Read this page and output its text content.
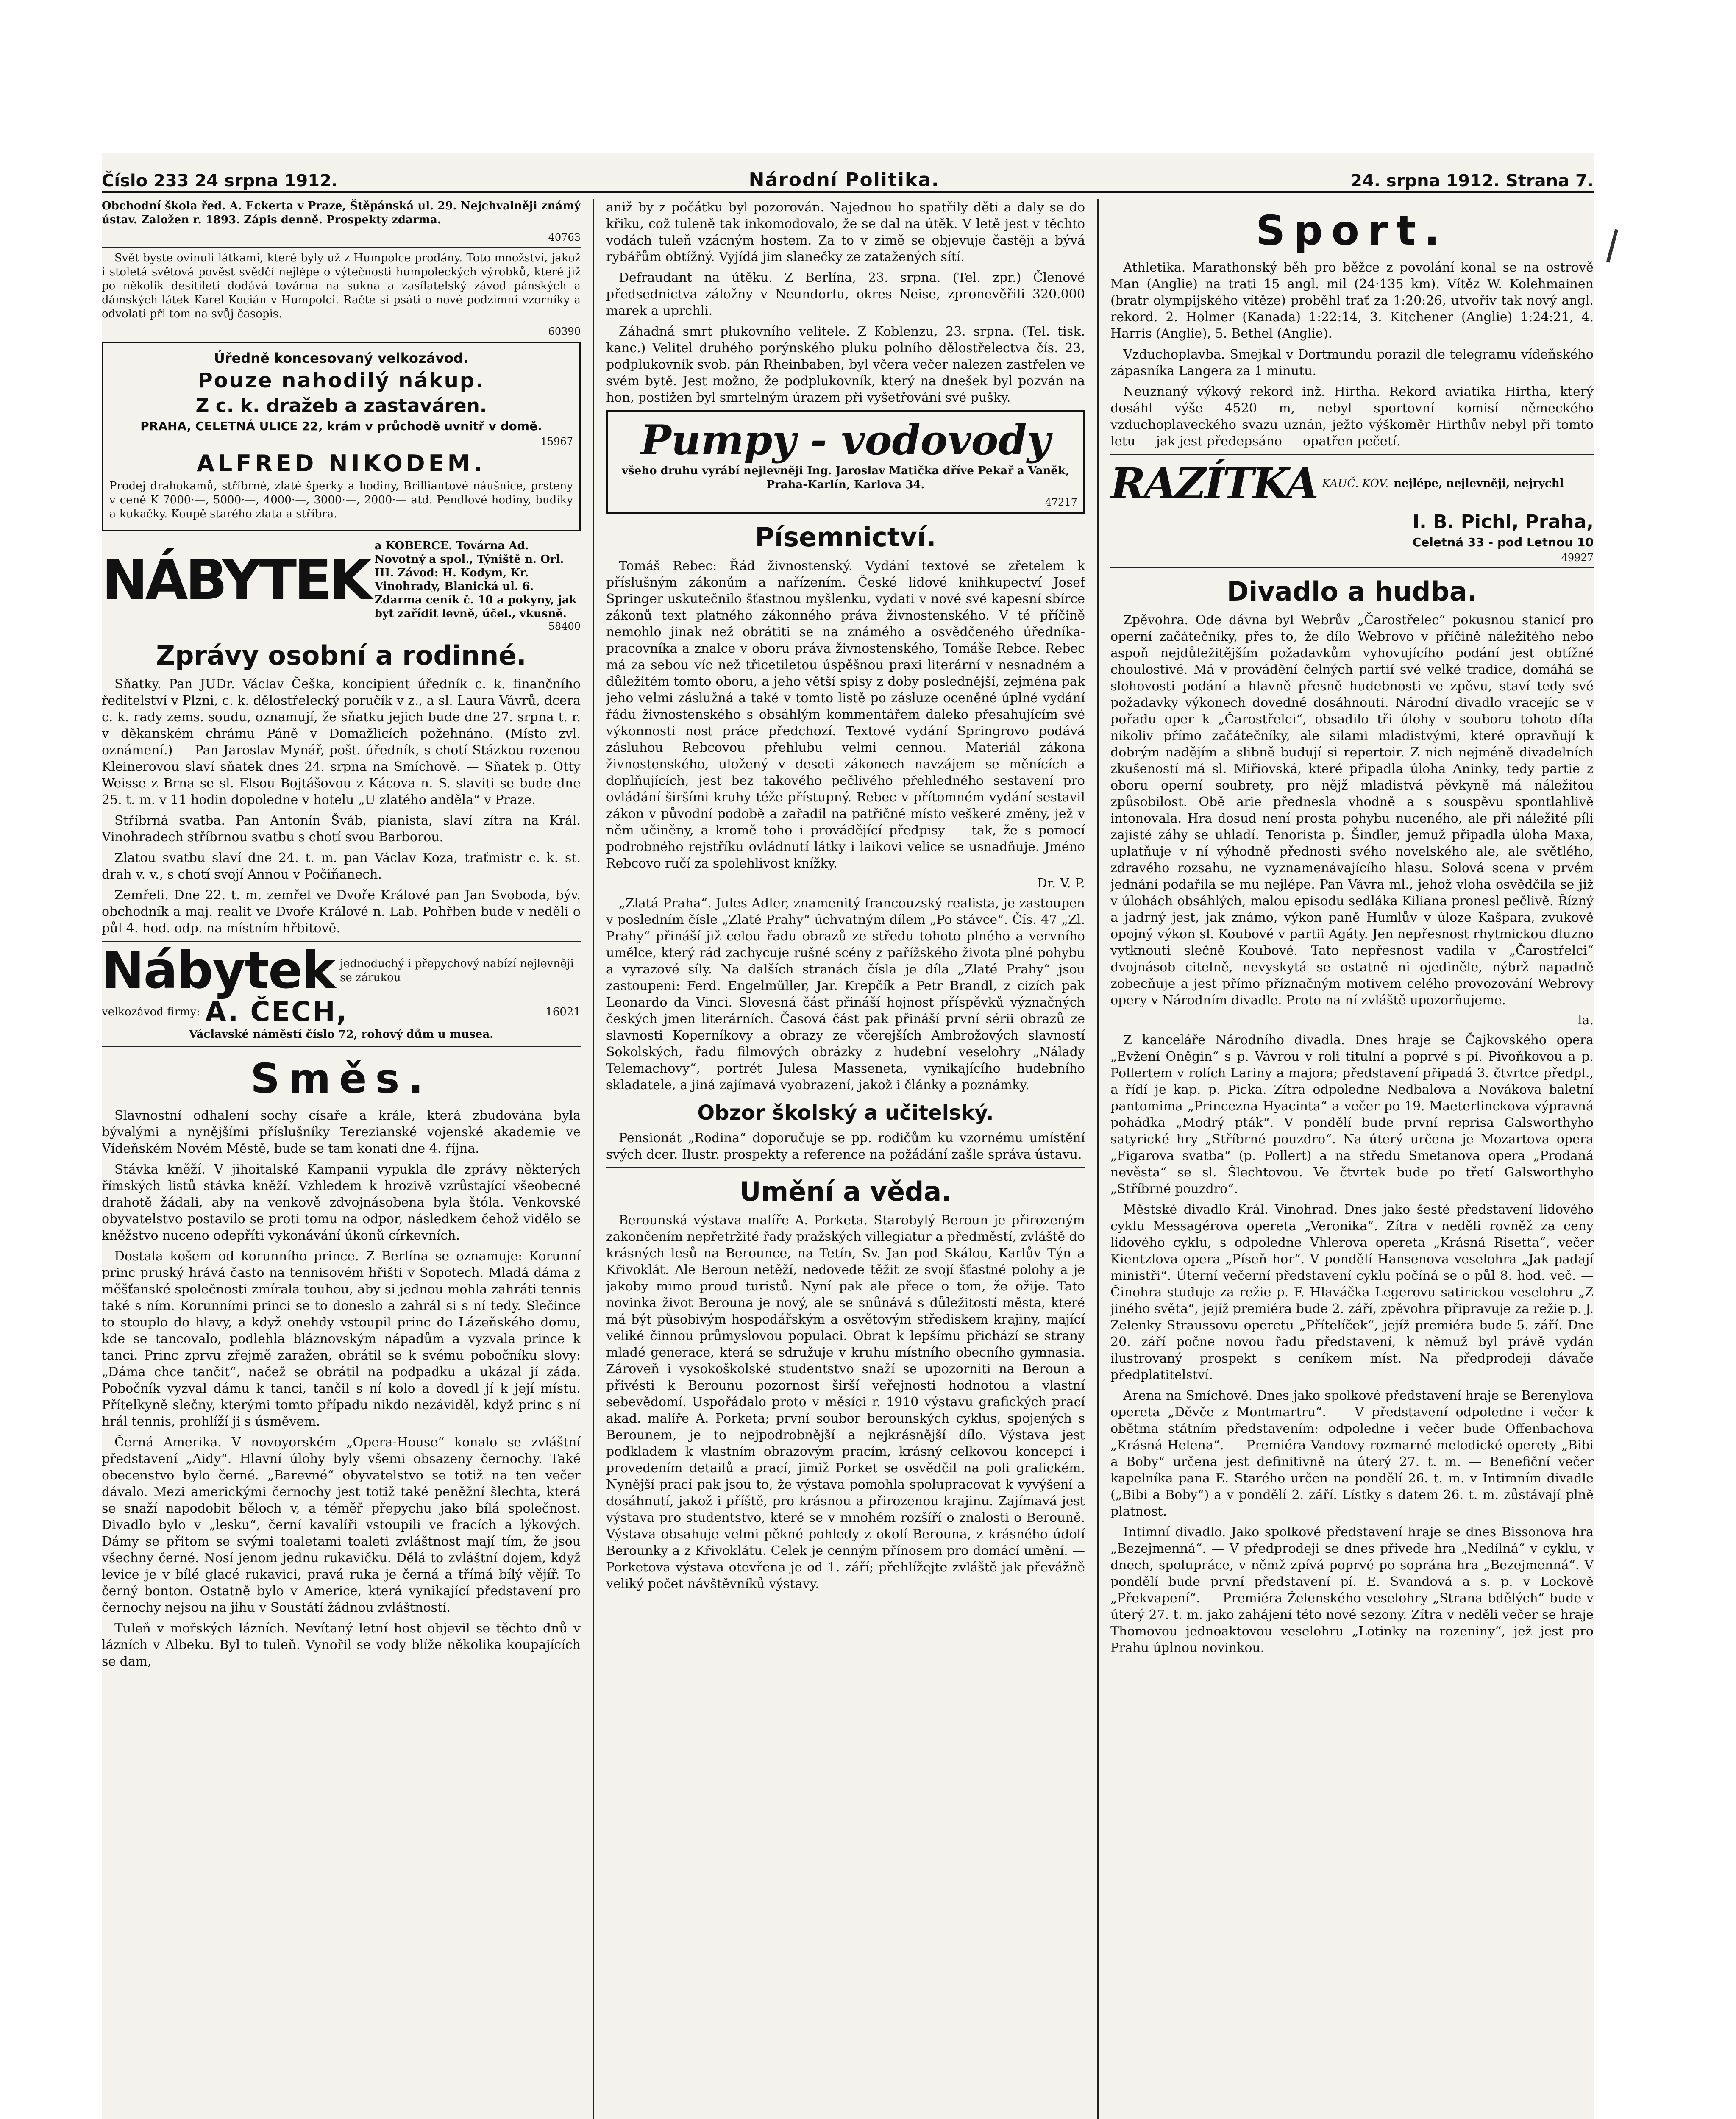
Číslo 233 24 srpna 1912.	Národní Politika.	24. srpna 1912. Strana 7.

Obchodní škola řed. A. Eckerta v Praze, Štěpánská ul. 29. Nejchvalněji známý ústav. Založen r. 1893. Zápis denně. Prospekty zdarma.

40763

Svět byste ovinuli látkami, které byly už z Humpolce prodány. Toto množství, jakož i stoletá světová pověst svědčí nejlépe o výtečnosti humpoleckých výrobků, které již po několik desítiletí dodává továrna na sukna a zasílatelský závod pánských a dámských látek Karel Kocián v Humpolci. Račte si psáti o nové podzimní vzorníky a odvolati při tom na svůj časopis.

60390
Úředně koncesovaný velkozávod.
Pouze nahodilý nákup.
Z c. k. dražeb a zastaváren.
PRAHA, CELETNÁ ULICE 22, krám v průchodě uvnitř v domě.
15967
ALFRED NIKODEM.

Prodej drahokamů, stříbrné, zlaté šperky a hodiny, Brilliantové náušnice, prsteny v ceně K 7000·—, 5000·—, 4000·—, 3000·—, 2000·— atd. Pendlové hodiny, budíky a kukačky. Koupě starého zlata a stříbra.

NÁBYTEK
a KOBERCE. Továrna Ad. Novotný a spol., Týniště n. Orl. III. Závod: H. Kodym, Kr. Vinohrady, Blanická ul. 6. Zdarma ceník č. 10 a pokyny, jak byt zařídit levně, účel., vkusně.
58400
Zprávy osobní a rodinné.

Sňatky. Pan JUDr. Václav Češka, koncipient úředník c. k. finančního ředitelství v Plzni, c. k. dělostřelecký poručík v z., a sl. Laura Vávrů, dcera c. k. rady zems. soudu, oznamují, že sňatku jejich bude dne 27. srpna t. r. v děkanském chrámu Páně v Domažlicích požehnáno. (Místo zvl. oznámení.) — Pan Jaroslav Mynář, pošt. úředník, s chotí Stázkou rozenou Kleinerovou slaví sňatek dnes 24. srpna na Smíchově. — Sňatek p. Otty Weisse z Brna se sl. Elsou Bojtášovou z Kácova n. S. slaviti se bude dne 25. t. m. v 11 hodin dopoledne v hotelu „U zlatého anděla“ v Praze.

Stříbrná svatba. Pan Antonín Šváb, pianista, slaví zítra na Král. Vinohradech stříbrnou svatbu s chotí svou Barborou.

Zlatou svatbu slaví dne 24. t. m. pan Václav Koza, traťmistr c. k. st. drah v. v., s chotí svojí Annou v Počiňanech.

Zemřeli. Dne 22. t. m. zemřel ve Dvoře Králové pan Jan Svoboda, býv. obchodník a maj. realit ve Dvoře Králové n. Lab. Pohřben bude v neděli o půl 4. hod. odp. na místním hřbitově.

Nábytek jednoduchý i přepychový nabízí nejlevněji se zárukou
velkozávod firmy: A. ČECH,	16021

Václavské náměstí číslo 72, rohový dům u musea.

Směs.

Slavnostní odhalení sochy císaře a krále, která zbudována byla bývalými a nynějšími příslušníky Terezianské vojenské akademie ve Vídeňském Novém Městě, bude se tam konati dne 4. října.

Stávka kněží. V jihoitalské Kampanii vypukla dle zprávy některých římských listů stávka kněží. Vzhledem k hrozivě vzrůstající všeobecné drahotě žádali, aby na venkově zdvojnásobena byla štóla. Venkovské obyvatelstvo postavilo se proti tomu na odpor, následkem čehož vidělo se kněžstvo nuceno odepříti vykonávání úkonů církevních.

Dostala košem od korunního prince. Z Berlína se oznamuje: Korunní princ pruský hrává často na tennisovém hřišti v Sopotech. Mladá dáma z měšťanské společnosti zmírala touhou, aby si jednou mohla zahráti tennis také s ním. Korunními princi se to doneslo a zahrál si s ní tedy. Slečince to stouplo do hlavy, a když onehdy vstoupil princ do Lázeňského domu, kde se tancovalo, podlehla bláznovským nápadům a vyzvala prince k tanci. Princ zprvu zřejmě zaražen, obrátil se k svému pobočníku slovy: „Dáma chce tančit“, načež se obrátil na podpadku a ukázal jí záda. Pobočník vyzval dámu k tanci, tančil s ní kolo a dovedl jí k její místu. Přítelkyně slečny, kterými tomto případu nikdo nezáviděl, když princ s ní hrál tennis, prohlíží ji s úsměvem.

Černá Amerika. V novoyorském „Opera-House“ konalo se zvláštní představení „Aidy“. Hlavní úlohy byly všemi obsazeny černochy. Také obecenstvo bylo černé. „Barevné“ obyvatelstvo se totiž na ten večer dávalo. Mezi americkými černochy jest totiž také peněžní šlechta, která se snaží napodobit běloch v, a téměř přepychu jako bílá společnost. Divadlo bylo v „lesku“, černí kavalíři vstoupili ve fracích a lýkových. Dámy se přitom se svými toaletami toaleti zvláštnost mají tím, že jsou všechny černé. Nosí jenom jednu rukavičku. Dělá to zvláštní dojem, když levice je v bílé glacé rukavici, pravá ruka je černá a třímá bílý vějíř. To černý bonton. Ostatně bylo v Americe, která vynikající představení pro černochy nejsou na jihu v Soustátí žádnou zvláštností.

Tuleň v mořských lázních. Nevítaný letní host objevil se těchto dnů v lázních v Albeku. Byl to tuleň. Vynořil se vody blíže několika koupajících se dam,

aniž by z počátku byl pozorován. Najednou ho spatřily děti a daly se do křiku, což tuleně tak inkomodovalo, že se dal na útěk. V letě jest v těchto vodách tuleň vzácným hostem. Za to v zimě se objevuje častěji a bývá rybářům obtížný. Vyjídá jim slanečky ze zatažených sítí.

Defraudant na útěku. Z Berlína, 23. srpna. (Tel. zpr.) Členové předsednictva záložny v Neundorfu, okres Neise, zpronevěřili 320.000 marek a uprchli.

Záhadná smrt plukovního velitele. Z Koblenzu, 23. srpna. (Tel. tisk. kanc.) Velitel druhého porýnského pluku polního dělostřelectva čís. 23, podplukovník svob. pán Rheinbaben, byl včera večer nalezen zastřelen ve svém bytě. Jest možno, že podplukovník, který na dnešek byl pozván na hon, postižen byl smrtelným úrazem při vyšetřování své pušky.

Pumpy - vodovody

všeho druhu vyrábí nejlevněji Ing. Jaroslav Matička dříve Pekař a Vaněk, Praha-Karlín, Karlova 34.

47217
Písemnictví.

Tomáš Rebec: Řád živnostenský. Vydání textové se zřetelem k příslušným zákonům a nařízením. České lidové knihkupectví Josef Springer uskutečnilo šťastnou myšlenku, vydati v nové své kapesní sbírce zákonů text platného zákonného práva živnostenského. V té příčině nemohlo jinak než obrátiti se na známého a osvědčeného úředníka-pracovníka a znalce v oboru práva živnostenského, Tomáše Rebce. Rebec má za sebou víc než třicetiletou úspěšnou praxi literární v nesnadném a důležitém tomto oboru, a jeho větší spisy z doby poslednější, zejména pak jeho velmi záslužná a také v tomto listě po zásluze oceněné úplné vydání řádu živnostenského s obsáhlým kommentářem daleko přesahujícím své výkonnosti nost práce předchozí. Textové vydání Springrovo podává zásluhou Rebcovou přehlubu velmi cennou. Materiál zákona živnostenského, uložený v deseti zákonech navzájem se měnících a doplňujících, jest bez takového pečlivého přehledného sestavení pro ovládání širšími kruhy téže přístupný. Rebec v přítomném vydání sestavil zákon v původní podobě a zařadil na patřičné místo veškeré změny, jež v něm učiněny, a kromě toho i provádějící předpisy — tak, že s pomocí podrobného rejstříku ovládnutí látky i laikovi velice se usnadňuje. Jméno Rebcovo ručí za spolehlivost knížky.

Dr. V. P.

„Zlatá Praha“. Jules Adler, znamenitý francouzský realista, je zastoupen v posledním čísle „Zlaté Prahy“ úchvatným dílem „Po stávce“. Čís. 47 „Zl. Prahy“ přináší již celou řadu obrazů ze středu tohoto plného a vervního umělce, který rád zachycuje rušné scény z pařížského života plné pohybu a vyrazové síly. Na dalších stranách čísla je díla „Zlaté Prahy“ jsou zastoupeni: Ferd. Engelmüller, Jar. Krepčík a Petr Brandl, z cizích pak Leonardo da Vinci. Slovesná část přináší hojnost příspěvků význačných českých jmen literárních. Časová část pak přináší první sérii obrazů ze slavnosti Koperníkovy a obrazy ze včerejších Ambrožových slavností Sokolských, řadu filmových obrázky z hudební veselohry „Nálady Telemachovy“, portrét Julesa Masseneta, vynikajícího hudebního skladatele, a jiná zajímavá vyobrazení, jakož i články a poznámky.

Obzor školský a učitelský.

Pensionát „Rodina“ doporučuje se pp. rodičům ku vzornému umístění svých dcer. Ilustr. prospekty a reference na požádání zašle správa ústavu.

Umění a věda.

Berounská výstava malíře A. Porketa. Starobylý Beroun je přirozeným zakončením nepřetržité řady pražských villegiatur a předměstí, zvláště do krásných lesů na Berounce, na Tetín, Sv. Jan pod Skálou, Karlův Týn a Křivoklát. Ale Beroun netěží, nedovede těžit ze svojí šťastné polohy a je jakoby mimo proud turistů. Nyní pak ale přece o tom, že ožije. Tato novinka život Berouna je nový, ale se snůnává s důležitostí města, které má být působivým hospodářským a osvětovým střediskem krajiny, mající veliké činnou průmyslovou populaci. Obrat k lepšímu přichází se strany mladé generace, která se sdružuje v kruhu místního obecního gymnasia. Zároveň i vysokoškolské studentstvo snaží se upozorniti na Beroun a přivésti k Berounu pozornost širší veřejnosti hodnotou a vlastní sebevědomí. Uspořádalo proto v měsíci r. 1910 výstavu grafických prací akad. malíře A. Porketa; první soubor berounských cyklus, spojených s Berounem, je to nejpodrobnější a nejkrásnější dílo. Výstava jest podkladem k vlastním obrazovým pracím, krásný celkovou koncepcí i provedením detailů a prací, jimiž Porket se osvědčil na poli grafickém. Nynější prací pak jsou to, že výstava pomohla spolupracovat k vyvýšení a dosáhnutí, jakož i příště, pro krásnou a přirozenou krajinu. Zajímavá jest výstava pro studentstvo, které se v mnohém rozšíří o znalosti o Berouně. Výstava obsahuje velmi pěkné pohledy z okolí Berouna, z krásného údolí Berounky a z Křivoklátu. Celek je cenným přínosem pro domácí umění. — Porketova výstava otevřena je od 1. září; přehlížejte zvláště jak převážně veliký počet návštěvníků výstavy.

Sport.

Athletika. Marathonský běh pro běžce z povolání konal se na ostrově Man (Anglie) na trati 15 angl. mil (24·135 km). Vítěz W. Kolehmainen (bratr olympijského vítěze) proběhl trať za 1:20:26, utvořiv tak nový angl. rekord. 2. Holmer (Kanada) 1:22:14, 3. Kitchener (Anglie) 1:24:21, 4. Harris (Anglie), 5. Bethel (Anglie).

Vzduchoplavba. Smejkal v Dortmundu porazil dle telegramu vídeňského zápasníka Langera za 1 minutu.

Neuznaný výkový rekord inž. Hirtha. Rekord aviatika Hirtha, který dosáhl výše 4520 m, nebyl sportovní komisí německého vzduchoplaveckého svazu uznán, ježto výškoměr Hirthův nebyl při tomto letu — jak jest předepsáno — opatřen pečetí.

RAZÍTKA KAUČ. KOV. nejlépe, nejlevněji, nejrychl
I. B. Pichl, Praha,
Celetná 33 - pod Letnou 10
49927
Divadlo a hudba.

Zpěvohra. Ode dávna byl Webrův „Čarostřelec“ pokusnou stanicí pro operní začátečníky, přes to, že dílo Webrovo v příčině náležitého nebo aspoň nejdůležitějším požadavkům vyhovujícího podání jest obtížné choulostivé. Má v provádění čelných partií své velké tradice, domáhá se slohovosti podání a hlavně přesně hudebnosti ve zpěvu, staví tedy své požadavky výkonech dovedné dosáhnouti. Národní divadlo vracejíc se v pořadu oper k „Čarostřelci“, obsadilo tři úlohy v souboru tohoto díla nikoliv přímo začátečníky, ale silami mladistvými, které opravňují k dobrým nadějím a slibně budují si repertoir. Z nich nejméně divadelních zkušeností má sl. Miřiovská, které připadla úloha Aninky, tedy partie z oboru operní soubrety, pro nějž mladistvá pěvkyně má náležitou způsobilost. Obě arie přednesla vhodně a s souspěvu spontlahlivě intonovala. Hra dosud není prosta pohybu nuceného, ale při náležité píli zajisté záhy se uhladí. Tenorista p. Šindler, jemuž připadla úloha Maxa, uplatňuje v ní výhodně přednosti svého novelského ale, ale světlého, zdravého rozsahu, ne vyznamenávajícího hlasu. Solová scena v prvém jednání podařila se mu nejlépe. Pan Vávra ml., jehož vloha osvědčila se již v úlohách obsáhlých, malou episodu sedláka Kiliana pronesl pečlivě. Řízný a jadrný jest, jak známo, výkon paně Humlův v úloze Kašpara, zvukově opojný výkon sl. Koubové v partii Agáty. Jen nepřesnost rhytmickou dluzno vytknouti slečně Koubové. Tato nepřesnost vadila v „Čarostřelci“ dvojnásob citelně, nevyskytá se ostatně ni ojediněle, nýbrž napadně zobecňuje a jest přímo příznačným motivem celého provozování Webrovy opery v Národním divadle. Proto na ní zvláště upozorňujeme.

—la.

Z kanceláře Národního divadla. Dnes hraje se Čajkovského opera „Evžení Oněgin“ s p. Vávrou v roli titulní a poprvé s pí. Pivoňkovou a p. Pollertem v rolích Lariny a majora; představení připadá 3. čtvrtce předpl., a řídí je kap. p. Picka. Zítra odpoledne Nedbalova a Novákova baletní pantomima „Princezna Hyacinta“ a večer po 19. Maeterlinckova výpravná pohádka „Modrý pták“. V pondělí bude první reprisa Galsworthyho satyrické hry „Stříbrné pouzdro“. Na úterý určena je Mozartova opera „Figarova svatba“ (p. Pollert) a na středu Smetanova opera „Prodaná nevěsta“ se sl. Šlechtovou. Ve čtvrtek bude po třetí Galsworthyho „Stříbrné pouzdro“.

Městské divadlo Král. Vinohrad. Dnes jako šesté představení lidového cyklu Messagérova opereta „Veronika“. Zítra v neděli rovněž za ceny lidového cyklu, s odpoledne Vhlerova opereta „Krásná Risetta“, večer Kientzlova opera „Píseň hor“. V pondělí Hansenova veselohra „Jak padají ministři“. Úterní večerní představení cyklu počíná se o půl 8. hod. več. — Činohra studuje za režie p. F. Hlaváčka Legerovu satirickou veselohru „Z jiného světa“, jejíž premiéra bude 2. září, zpěvohra připravuje za režie p. J. Zelenky Straussovu operetu „Přítelíček“, jejíž premiéra bude 5. září. Dne 20. září počne novou řadu představení, k němuž byl právě vydán ilustrovaný prospekt s ceníkem míst. Na předprodeji dávače předplatitelství.

Arena na Smíchově. Dnes jako spolkové představení hraje se Berenylova opereta „Děvče z Montmartru“. — V představení odpoledne i večer k obětma státním představením: odpoledne i večer bude Offenbachova „Krásná Helena“. — Premiéra Vandovy rozmarné melodické operety „Bibi a Boby“ určena jest definitivně na úterý 27. t. m. — Benefiční večer kapelníka pana E. Starého určen na pondělí 26. t. m. v Intimním divadle („Bibi a Boby“) a v pondělí 2. září. Lístky s datem 26. t. m. zůstávají plně platnost.

Intimní divadlo. Jako spolkové představení hraje se dnes Bissonova hra „Bezejmenná“. — V předprodeji se dnes přivede hra „Nedílná“ v cyklu, v dnech, spolupráce, v němž zpívá poprvé po soprána hra „Bezejmenná“. V pondělí bude první představení pí. E. Svandová a s. p. v Lockově „Překvapení“. — Premiéra Želenského veselohry „Strana bdělých“ bude v úterý 27. t. m. jako zahájení této nové sezony. Zítra v neděli večer se hraje Thomovou jednoaktovou veselohru „Lotinky na rozeniny“, jež jest pro Prahu úplnou novinkou.
